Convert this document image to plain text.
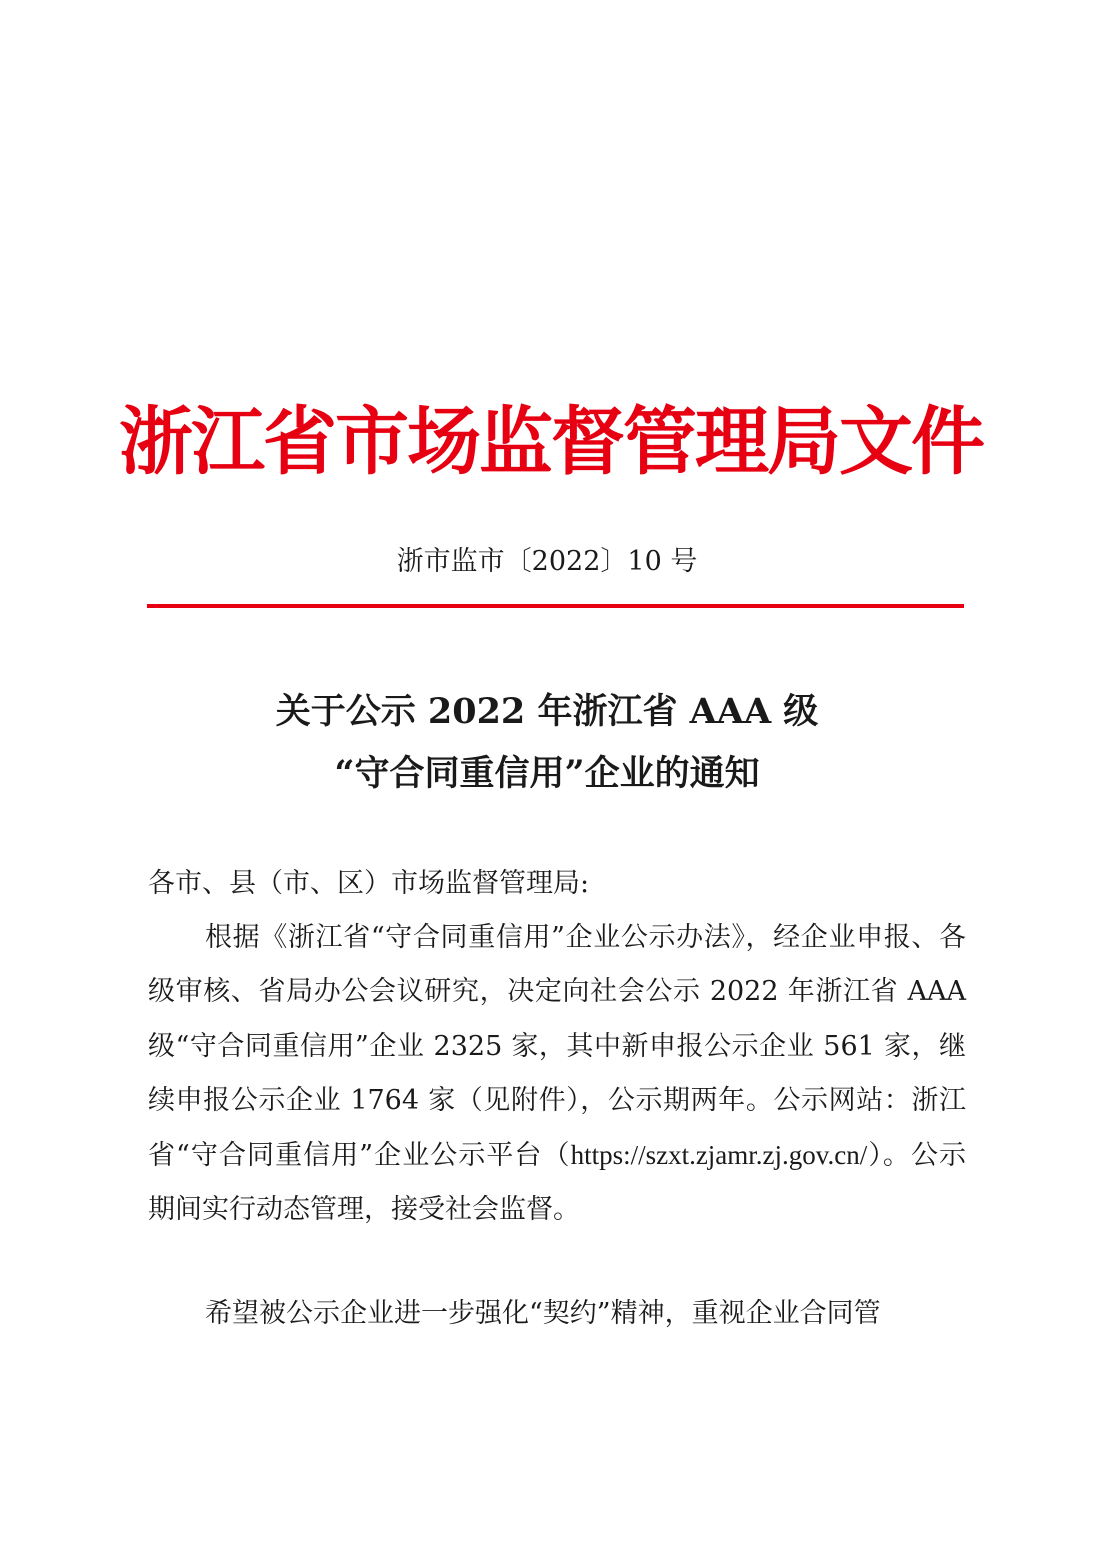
浙江省市场监督管理局文件
浙市监市〔2022〕10 号
关于公示 2022 年浙江省 AAA 级
“守合同重信用”企业的通知
各市、县（市、区）市场监督管理局:
根据《浙江省“守合同重信用”企业公示办法》，经企业申报、各级审核、省局办公会议研究，决定向社会公示 2022 年浙江省 AAA 级“守合同重信用”企业 2325 家，其中新申报公示企业 561 家，继续申报公示企业 1764 家（见附件），公示期两年。公示网站：浙江省“守合同重信用”企业公示平台（https://szxt.zjamr.zj.gov.cn/）。公示期间实行动态管理，接受社会监督。
希望被公示企业进一步强化“契约”精神，重视企业合同管
